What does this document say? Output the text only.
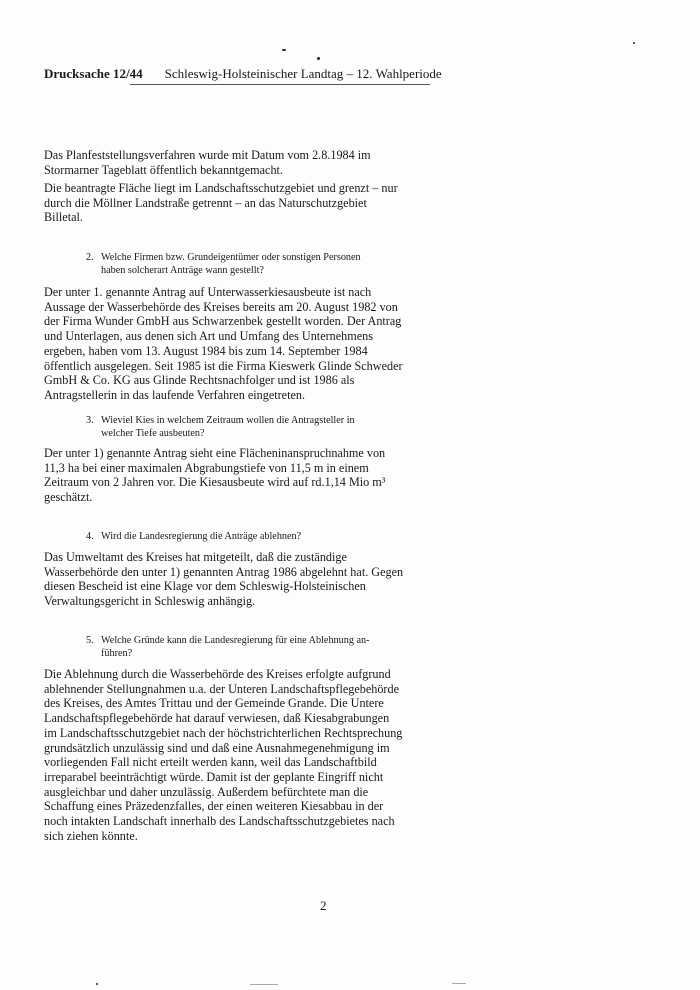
Drucksache 12/44 Schleswig-Holsteinischer Landtag – 12. Wahlperiode

Das Planfeststellungsverfahren wurde mit Datum vom 2.8.1984 im Stormarner Tageblatt öffentlich bekanntgemacht.

Die beantragte Fläche liegt im Landschaftsschutzgebiet und grenzt – nur durch die Möllner Landstraße getrennt – an das Naturschutzgebiet Billetal.

2. Welche Firmen bzw. Grundeigentümer oder sonstigen Personen
haben solcherart Anträge wann gestellt?

Der unter 1. genannte Antrag auf Unterwasserkiesausbeute ist nach Aussage der Wasserbehörde des Kreises bereits am 20. August 1982 von der Firma Wunder GmbH aus Schwarzenbek gestellt worden. Der Antrag und Unterlagen, aus denen sich Art und Umfang des Unternehmens ergeben, haben vom 13. August 1984 bis zum 14. September 1984 öffentlich ausgelegen. Seit 1985 ist die Firma Kieswerk Glinde Schweder GmbH & Co. KG aus Glinde Rechtsnachfolger und ist 1986 als Antragstellerin in das laufende Verfahren eingetreten.

3. Wieviel Kies in welchem Zeitraum wollen die Antragsteller in
welcher Tiefe ausbeuten?

Der unter 1) genannte Antrag sieht eine Flächeninanspruchnahme von 11,3 ha bei einer maximalen Abgrabungstiefe von 11,5 m in einem Zeitraum von 2 Jahren vor. Die Kiesausbeute wird auf rd.1,14 Mio m³ geschätzt.

4. Wird die Landesregierung die Anträge ablehnen?

Das Umweltamt des Kreises hat mitgeteilt, daß die zuständige Wasserbehörde den unter 1) genannten Antrag 1986 abgelehnt hat. Gegen diesen Bescheid ist eine Klage vor dem Schleswig-Holsteinischen Verwaltungsgericht in Schleswig anhängig.

5. Welche Gründe kann die Landesregierung für eine Ablehnung an-
führen?

Die Ablehnung durch die Wasserbehörde des Kreises erfolgte aufgrund ablehnender Stellungnahmen u.a. der Unteren Landschaftspflegebehörde des Kreises, des Amtes Trittau und der Gemeinde Grande. Die Untere Landschaftspflegebehörde hat darauf verwiesen, daß Kiesabgrabungen im Landschaftsschutzgebiet nach der höchstrichterlichen Rechtsprechung grundsätzlich unzulässig sind und daß eine Ausnahmegenehmigung im vorliegenden Fall nicht erteilt werden kann, weil das Landschaftbild irreparabel beeinträchtigt würde. Damit ist der geplante Eingriff nicht ausgleichbar und daher unzulässig. Außerdem befürchtete man die Schaffung eines Präzedenzfalles, der einen weiteren Kiesabbau in der noch intakten Landschaft innerhalb des Landschaftsschutzgebietes nach sich ziehen könnte.

2
